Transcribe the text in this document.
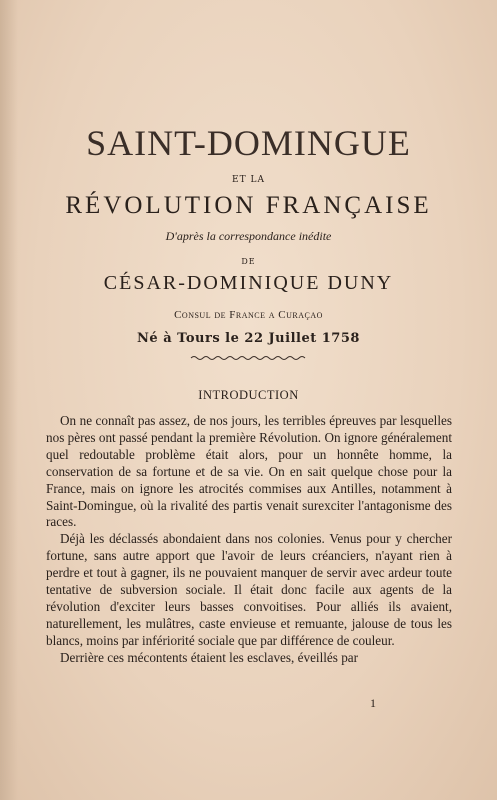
SAINT-DOMINGUE
ET LA
RÉVOLUTION FRANÇAISE
D'après la correspondance inédite
DE
CÉSAR-DOMINIQUE DUNY
Consul de France a Curaçao
Né à Tours le 22 Juillet 1758
INTRODUCTION

On ne connaît pas assez, de nos jours, les terribles épreuves par lesquelles nos pères ont passé pendant la première Révolution. On ignore généralement quel redoutable problème était alors, pour un honnête homme, la conservation de sa fortune et de sa vie. On en sait quelque chose pour la France, mais on ignore les atrocités commises aux Antilles, notamment à Saint-Domingue, où la rivalité des partis venait surexciter l'antagonisme des races.

Déjà les déclassés abondaient dans nos colonies. Venus pour y chercher fortune, sans autre apport que l'avoir de leurs créanciers, n'ayant rien à perdre et tout à gagner, ils ne pouvaient manquer de servir avec ardeur toute tentative de subversion sociale. Il était donc facile aux agents de la révolution d'exciter leurs basses convoitises. Pour alliés ils avaient, naturellement, les mulâtres, caste envieuse et remuante, jalouse de tous les blancs, moins par infériorité sociale que par différence de couleur.

Derrière ces mécontents étaient les esclaves, éveillés par

1
